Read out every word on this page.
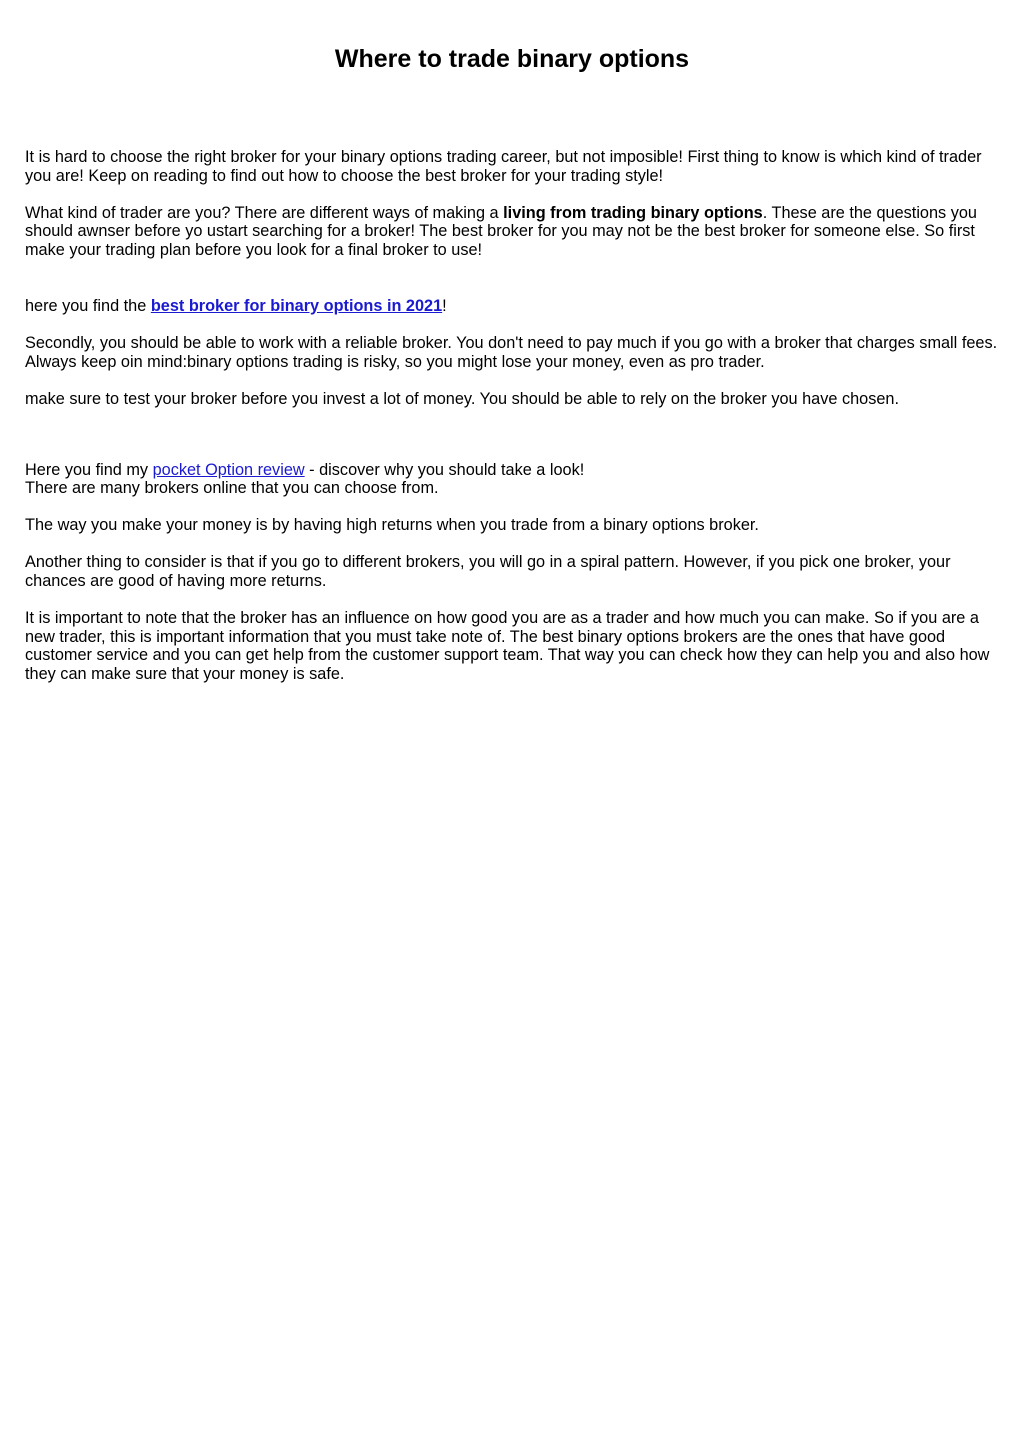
Where to trade binary options

It is hard to choose the right broker for your binary options trading career, but not imposible! First thing to know is which kind of trader you are! Keep on reading to find out how to choose the best broker for your trading style!

What kind of trader are you? There are different ways of making a living from trading binary options. These are the questions you should awnser before yo ustart searching for a broker! The best broker for you may not be the best broker for someone else. So first make your trading plan before you look for a final broker to use!

here you find the best broker for binary options in 2021!

Secondly, you should be able to work with a reliable broker. You don't need to pay much if you go with a broker that charges small fees. Always keep oin mind:binary options trading is risky, so you might lose your money, even as pro trader.

make sure to test your broker before you invest a lot of money. You should be able to rely on the broker you have chosen.

Here you find my pocket Option review - discover why you should take a look!

There are many brokers online that you can choose from.

The way you make your money is by having high returns when you trade from a binary options broker.

Another thing to consider is that if you go to different brokers, you will go in a spiral pattern. However, if you pick one broker, your chances are good of having more returns.

It is important to note that the broker has an influence on how good you are as a trader and how much you can make. So if you are a new trader, this is important information that you must take note of. The best binary options brokers are the ones that have good customer service and you can get help from the customer support team. That way you can check how they can help you and also how they can make sure that your money is safe.
